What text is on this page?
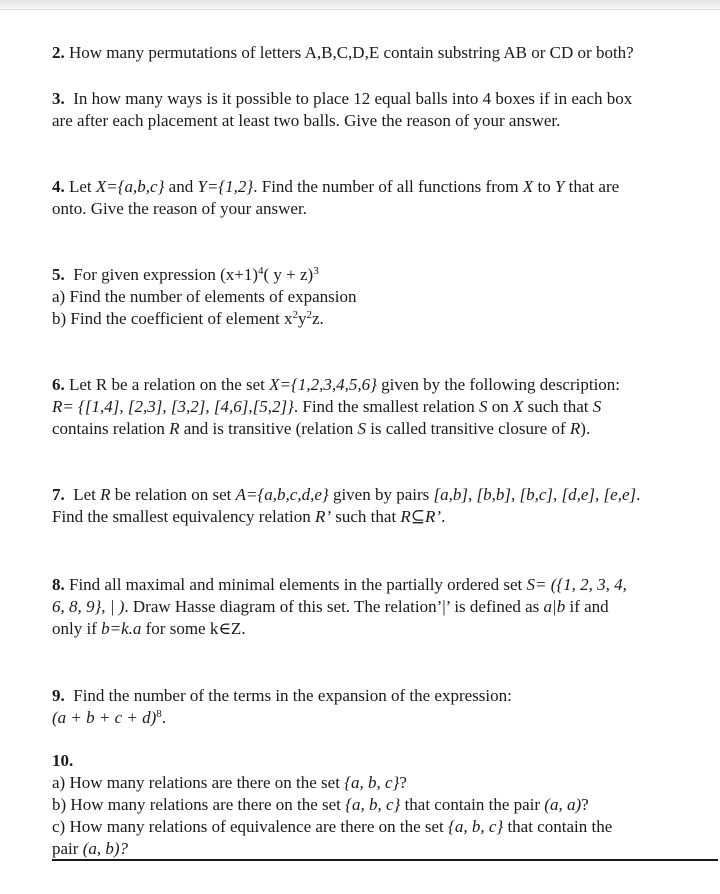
2. How many permutations of letters A,B,C,D,E contain substring AB or CD or both?
3. In how many ways is it possible to place 12 equal balls into 4 boxes if in each box
are after each placement at least two balls. Give the reason of your answer.
4. Let X={a,b,c} and Y={1,2}. Find the number of all functions from X to Y that are
onto. Give the reason of your answer.
5. For given expression $(x+1)^4$( y + z)$^3$
a) Find the number of elements of expansion
b) Find the coefficient of element $x^2y^2z$.
6. Let R be a relation on the set X={1,2,3,4,5,6} given by the following description:
R= {[1,4], [2,3], [3,2], [4,6],[5,2]}. Find the smallest relation S on X such that S
contains relation R and is transitive (relation S is called transitive closure of R).
7. Let R be relation on set A={a,b,c,d,e} given by pairs [a,b], [b,b], [b,c], [d,e], [e,e].
Find the smallest equivalency relation R’ such that R⊆R’.
8. Find all maximal and minimal elements in the partially ordered set S= ({1, 2, 3, 4,
6, 8, 9}, | ). Draw Hasse diagram of this set. The relation’|’ is defined as a|b if and
only if b=k.a for some k∈Z.
9. Find the number of the terms in the expansion of the expression:
$(a + b + c + d)^8$.
10.
a) How many relations are there on the set {a, b, c}?
b) How many relations are there on the set {a, b, c} that contain the pair (a, a)?
c) How many relations of equivalence are there on the set {a, b, c} that contain the
pair (a, b)?
